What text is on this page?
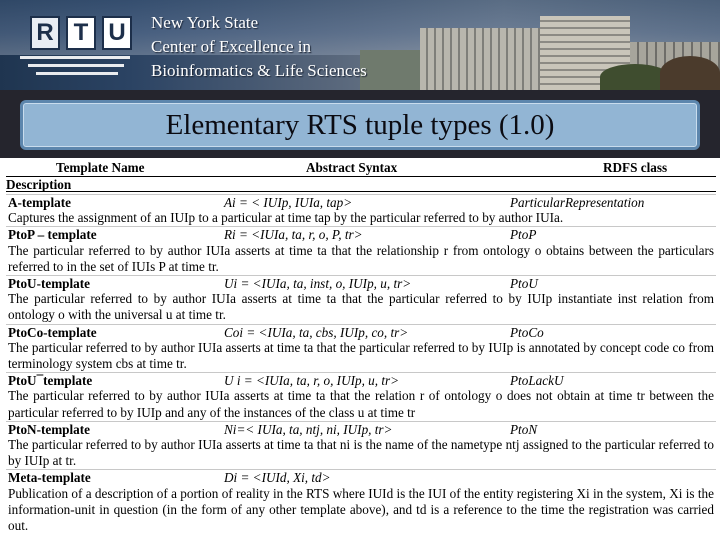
R T U	New York State
Center of Excellence in
Bioinformatics & Life Sciences
Elementary RTS tuple types (1.0)
Template Name	Abstract Syntax	RDFS class
Description
A-template	Ai = < IUIp, IUIa, tap>	ParticularRepresentation
Captures the assignment of an IUIp to a particular at time tap by the particular referred to by author IUIa.
PtoP – template	Ri = <IUIa, ta, r, o, P, tr>	PtoP
The particular referred to by author IUIa asserts at time ta that the relationship r from ontology o obtains between the particulars referred to in the set of IUIs P at time tr.
PtoU-template	Ui = <IUIa, ta, inst, o, IUIp, u, tr>	PtoU
The particular referred to by author IUIa asserts at time ta that the particular referred to by IUIp instantiate inst relation from ontology o with the universal u at time tr.
PtoCo-template	Coi = <IUIa, ta, cbs, IUIp, co, tr>	PtoCo
The particular referred to by author IUIa asserts at time ta that the particular referred to by IUIp is annotated by concept code co from terminology system cbs at time tr.
PtoU¯template	U i = <IUIa, ta, r, o, IUIp, u, tr>	PtoLackU
The particular referred to by author IUIa asserts at time ta that the relation r of ontology o does not obtain at time tr between the particular referred to by IUIp and any of the instances of the class u at time tr
PtoN-template	Ni=< IUIa, ta, ntj, ni, IUIp, tr>	PtoN
The particular referred to by author IUIa asserts at time ta that ni is the name of the nametype ntj assigned to the particular referred to by IUIp at tr.
Meta-template	Di = <IUId, Xi, td>
Publication of a description of a portion of reality in the RTS where IUId is the IUI of the entity registering Xi in the system, Xi is the information-unit in question (in the form of any other template above), and td is a reference to the time the registration was carried out.
